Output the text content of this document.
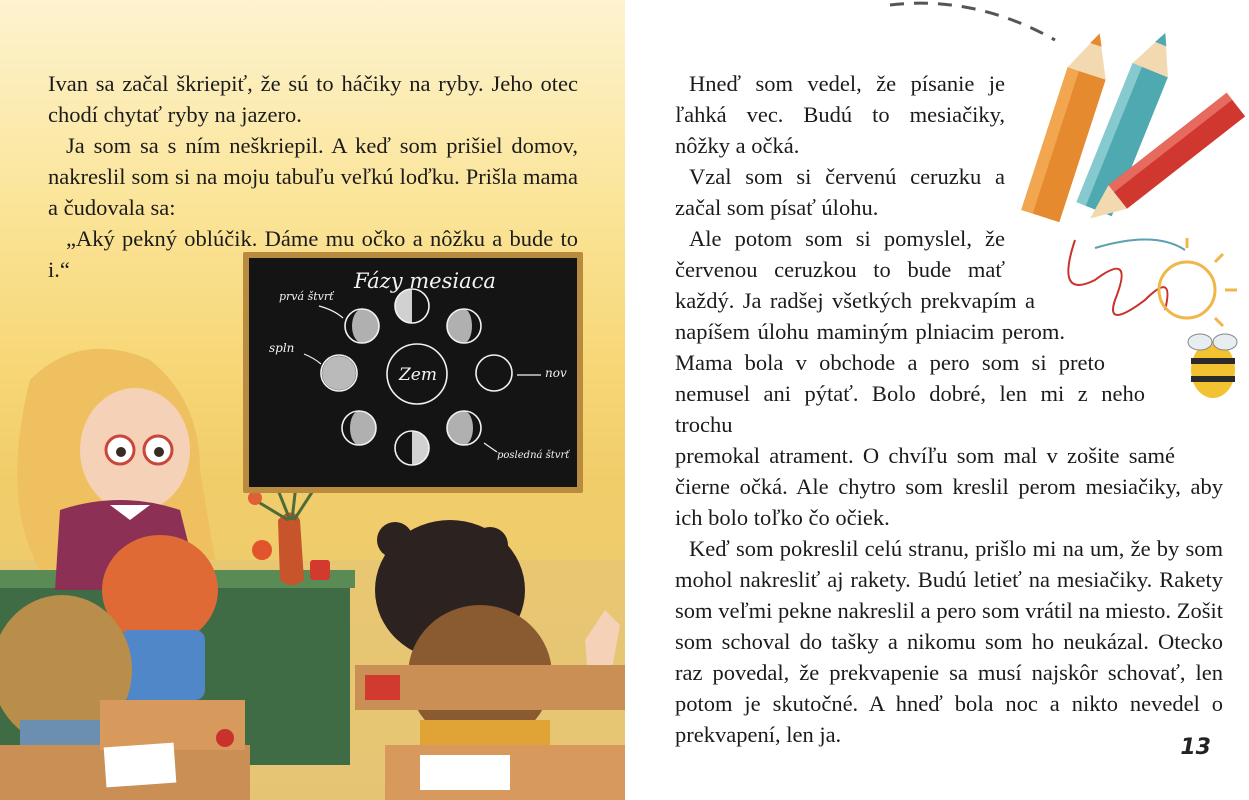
Ivan sa začal škriepiť, že sú to háčiky na ryby. Jeho otec chodí chytať ryby na jazero.

Ja som sa s ním neškriepil. A keď som prišiel domov, nakreslil som si na moju tabuľu veľkú loďku. Prišla mama a čudovala sa:

„Aký pekný oblúčik. Dáme mu očko a nôžku a bude to i.“	Fázy mesiaca
Zem
prvá štvrť
spln
nov
posledná štvrť

Hneď som vedel, že písanie je ľahká vec. Budú to mesiačiky, nôžky a očká.

Vzal som si červenú ceruzku a začal som písať úlohu.

Ale potom som si pomyslel, že
červenou ceruzkou to bude mať
každý. Ja radšej všetkých prekvapím a
napíšem úlohu maminým plniacim perom.
Mama bola v obchode a pero som si preto
nemusel ani pýtať. Bolo dobré, len mi z neho trochu
premokal atrament. O chvíľu som mal v zošite samé
čierne očká. Ale chytro som kreslil perom mesiačiky, aby
ich bolo toľko čo očiek.

Keď som pokreslil celú stranu, prišlo mi na um, že by som mohol nakresliť aj rakety. Budú letieť na mesiačiky. Rakety som veľmi pekne nakreslil a pero som vrátil na miesto. Zošit som schoval do tašky a nikomu som ho neukázal. Otecko raz povedal, že prekvapenie sa musí najskôr schovať, len potom je skutočné. A hneď bola noc a nikto nevedel o prekvapení, len ja.

13
